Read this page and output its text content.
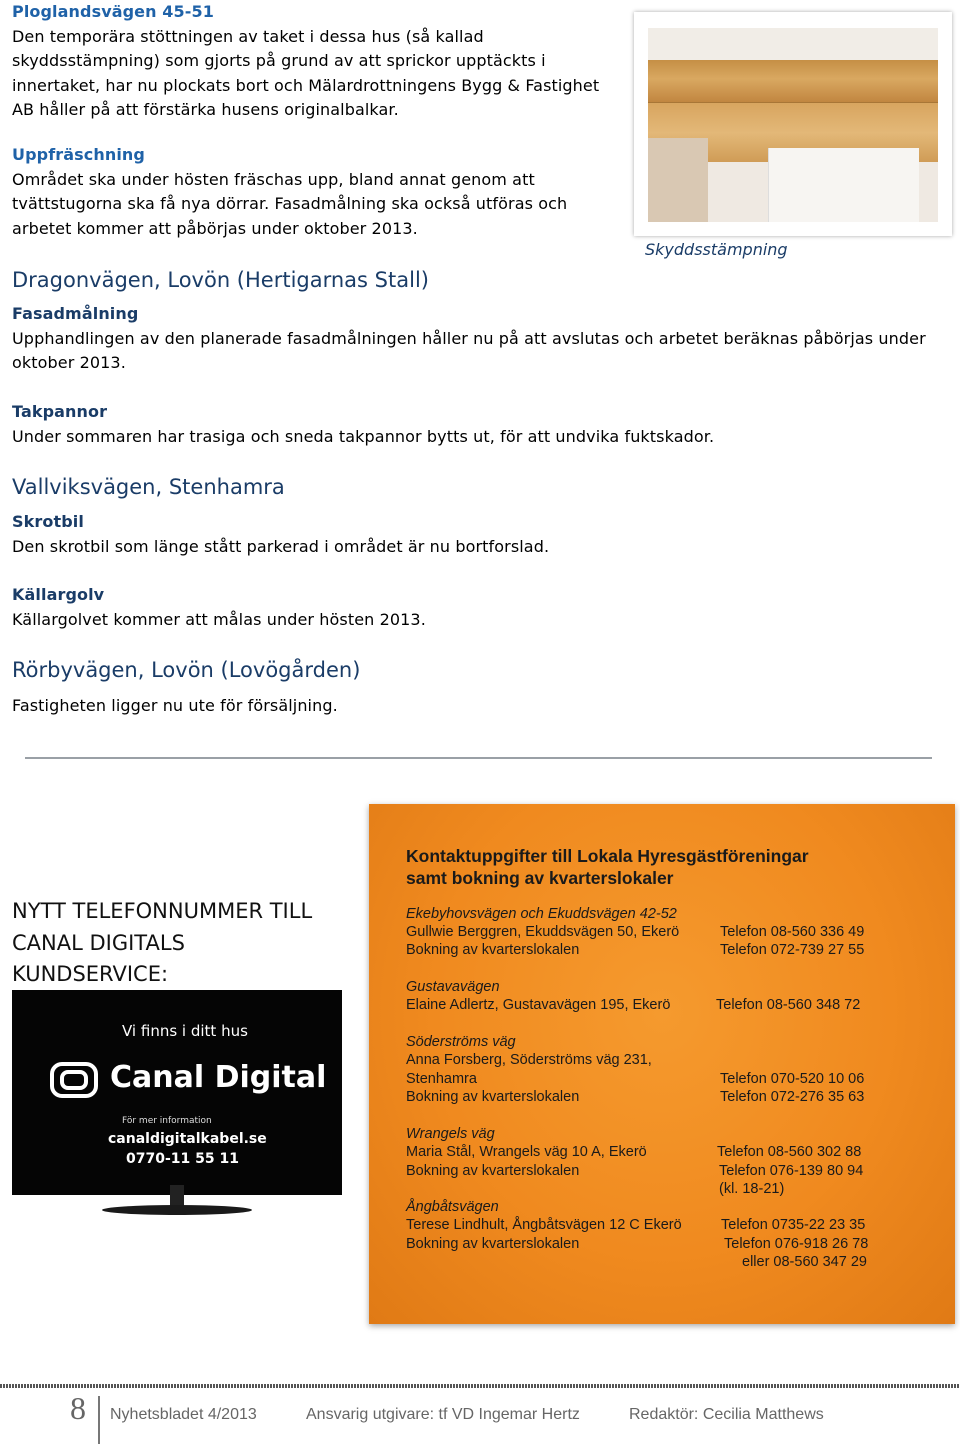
Ploglandsvägen 45-51
Den temporära stöttningen av taket i dessa hus (så kallad
skyddsstämpning) som gjorts på grund av att sprickor upptäckts i
innertaket, har nu plockats bort och Mälardrottningens Bygg & Fastighet
AB håller på att förstärka husens originalbalkar.
Uppfräschning
Området ska under hösten fräschas upp, bland annat genom att
tvättstugorna ska få nya dörrar. Fasadmålning ska också utföras och
arbetet kommer att påbörjas under oktober 2013.
Skyddsstämpning
Dragonvägen, Lovön (Hertigarnas Stall)
Fasadmålning
Upphandlingen av den planerade fasadmålningen håller nu på att avslutas och arbetet beräknas påbörjas under
oktober 2013.
Takpannor
Under sommaren har trasiga och sneda takpannor bytts ut, för att undvika fuktskador.
Vallviksvägen, Stenhamra
Skrotbil
Den skrotbil som länge stått parkerad i området är nu bortforslad.
Källargolv
Källargolvet kommer att målas under hösten 2013.
Rörbyvägen, Lovön (Lovögården)
Fastigheten ligger nu ute för försäljning.
NYTT TELEFONNUMMER TILL
CANAL DIGITALS
KUNDSERVICE:
Vi finns i ditt hus
Canal Digital
För mer information
canaldigitalkabel.se
0770-11 55 11
Kontaktuppgifter till Lokala Hyresgästföreningar
samt bokning av kvarterslokaler
Ekebyhovsvägen och Ekuddsvägen 42-52
Gullwie Berggren, Ekuddsvägen 50, Ekerö	Telefon 08-560 336 49
Bokning av kvarterslokalen	Telefon 072-739 27 55
Gustavavägen
Elaine Adlertz, Gustavavägen 195, Ekerö	Telefon 08-560 348 72
Söderströms väg
Anna Forsberg, Söderströms väg 231,
Stenhamra	Telefon 070-520 10 06
Bokning av kvarterslokalen	Telefon 072-276 35 63
Wrangels väg
Maria Stål, Wrangels väg 10 A, Ekerö	Telefon 08-560 302 88
Bokning av kvarterslokalen	Telefon 076-139 80 94
(kl. 18-21)
Ångbåtsvägen
Terese Lindhult, Ångbåtsvägen 12 C Ekerö	Telefon 0735-22 23 35
Bokning av kvarterslokalen	Telefon 076-918 26 78
eller 08-560 347 29
8 Nyhetsbladet 4/2013	Ansvarig utgivare: tf VD Ingemar Hertz	Redaktör: Cecilia Matthews
